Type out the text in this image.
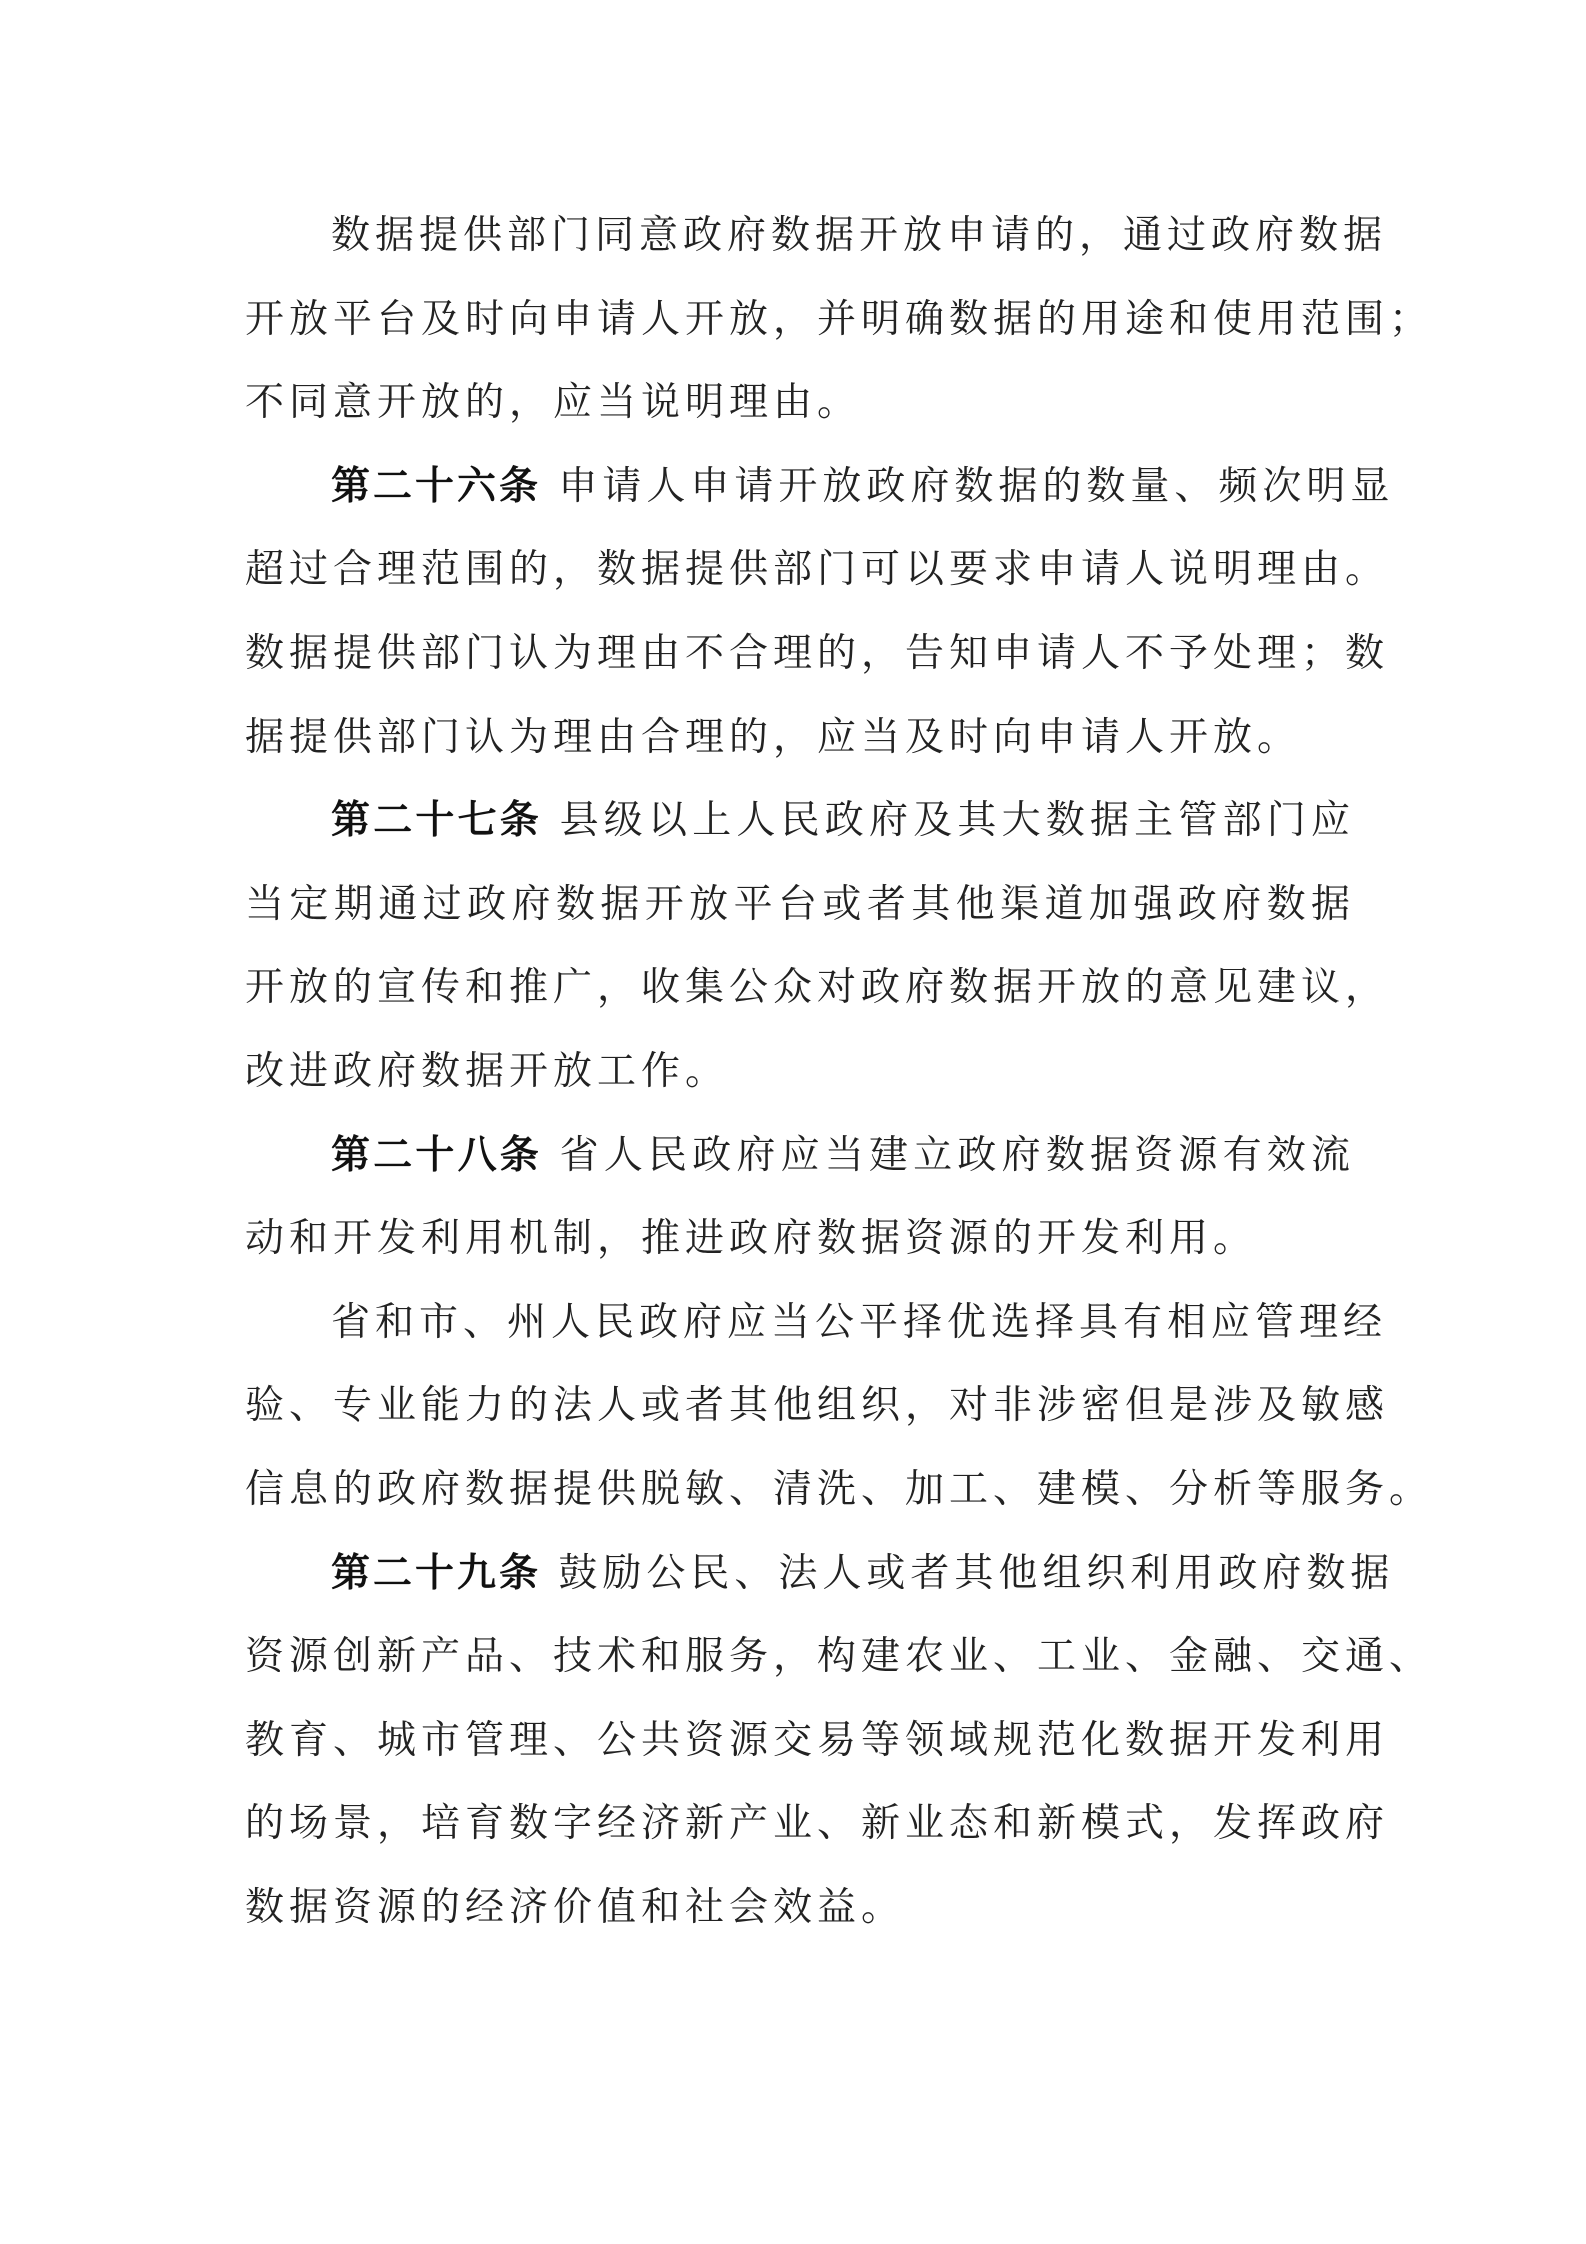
数据提供部门同意政府数据开放申请的，通过政府数据
开放平台及时向申请人开放，并明确数据的用途和使用范围；
不同意开放的，应当说明理由。
第二十六条 申请人申请开放政府数据的数量、频次明显
超过合理范围的，数据提供部门可以要求申请人说明理由。
数据提供部门认为理由不合理的，告知申请人不予处理；数
据提供部门认为理由合理的，应当及时向申请人开放。
第二十七条 县级以上人民政府及其大数据主管部门应
当定期通过政府数据开放平台或者其他渠道加强政府数据
开放的宣传和推广，收集公众对政府数据开放的意见建议，
改进政府数据开放工作。
第二十八条 省人民政府应当建立政府数据资源有效流
动和开发利用机制，推进政府数据资源的开发利用。
省和市、州人民政府应当公平择优选择具有相应管理经
验、专业能力的法人或者其他组织，对非涉密但是涉及敏感
信息的政府数据提供脱敏、清洗、加工、建模、分析等服务。
第二十九条 鼓励公民、法人或者其他组织利用政府数据
资源创新产品、技术和服务，构建农业、工业、金融、交通、
教育、城市管理、公共资源交易等领域规范化数据开发利用
的场景，培育数字经济新产业、新业态和新模式，发挥政府
数据资源的经济价值和社会效益。
